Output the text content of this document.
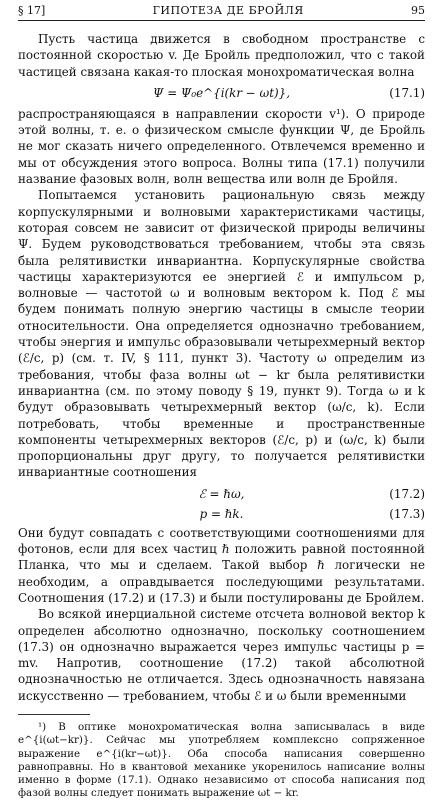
§ 17]	ГИПОТЕЗА ДЕ БРОЙЛЯ	95

Пусть частица движется в свободном пространстве с постоянной скоростью v. Де Бройль предположил, что с такой частицей связана какая-то плоская монохроматическая волна

Ψ = Ψ₀e^{i(kr − ωt)},	(17.1)

распространяющаяся в направлении скорости v¹). О природе этой волны, т. е. о физическом смысле функции Ψ, де Бройль не мог сказать ничего определенного. Отвлечемся временно и мы от обсуждения этого вопроса. Волны типа (17.1) получили название фазовых волн, волн вещества или волн де Бройля.

Попытаемся установить рациональную связь между корпускулярными и волновыми характеристиками частицы, которая совсем не зависит от физической природы величины Ψ. Будем руководствоваться требованием, чтобы эта связь была релятивистки инвариантна. Корпускулярные свойства частицы характеризуются ее энергией ℰ и импульсом p, волновые — частотой ω и волновым вектором k. Под ℰ мы будем понимать полную энергию частицы в смысле теории относительности. Она определяется однозначно требованием, чтобы энергия и импульс образовывали четырехмерный вектор (ℰ/c, p) (см. т. IV, § 111, пункт 3). Частоту ω определим из требования, чтобы фаза волны ωt − kr была релятивистки инвариантна (см. по этому поводу § 19, пункт 9). Тогда ω и k будут образовывать четырехмерный вектор (ω/c, k). Если потребовать, чтобы временные и пространственные компоненты четырехмерных векторов (ℰ/c, p) и (ω/c, k) были пропорциональны друг другу, то получается релятивистки инвариантные соотношения

ℰ = ℏω,	(17.2)
p = ℏk.	(17.3)

Они будут совпадать с соответствующими соотношениями для фотонов, если для всех частиц ℏ положить равной постоянной Планка, что мы и сделаем. Такой выбор ℏ логически не необходим, а оправдывается последующими результатами. Соотношения (17.2) и (17.3) и были постулированы де Бройлем.

Во всякой инерциальной системе отсчета волновой вектор k определен абсолютно однозначно, поскольку соотношением (17.3) он однозначно выражается через импульс частицы p = mv. Напротив, соотношение (17.2) такой абсолютной однозначностью не отличается. Здесь однозначность навязана искусственно — требованием, чтобы ℰ и ω были временными

¹) В оптике монохроматическая волна записывалась в виде e^{i(ωt−kr)}. Сейчас мы употребляем комплексно сопряженное выражение e^{i(kr−ωt)}. Оба способа написания совершенно равноправны. Но в квантовой механике укоренилось написание волны именно в форме (17.1). Однако независимо от способа написания под фазой волны следует понимать выражение ωt − kr.
